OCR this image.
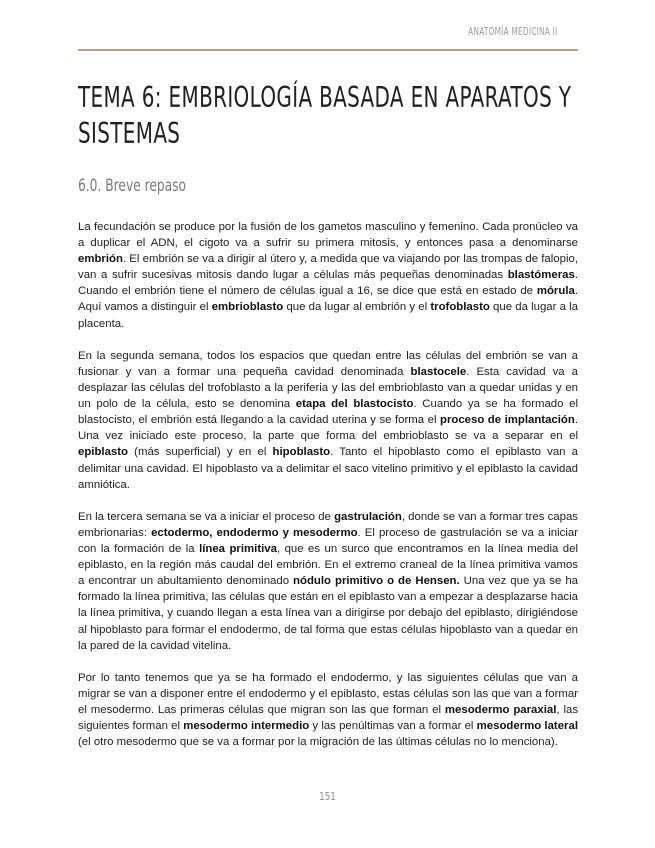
ANATOMÍA MEDICINA II
TEMA 6: EMBRIOLOGÍA BASADA EN APARATOS Y
SISTEMAS
6.0. Breve repaso

La fecundación se produce por la fusión de los gametos masculino y femenino. Cada pronúcleo va a duplicar el ADN, el cigoto va a sufrir su primera mitosis, y entonces pasa a denominarse embrión. El embrión se va a dirigir al útero y, a medida que va viajando por las trompas de falopio, van a sufrir sucesivas mitosis dando lugar a células más pequeñas denominadas blastómeras. Cuando el embrión tiene el número de células igual a 16, se dice que está en estado de mórula. Aquí vamos a distinguir el embrioblasto que da lugar al embrión y el trofoblasto que da lugar a la placenta.

En la segunda semana, todos los espacios que quedan entre las células del embrión se van a fusionar y van a formar una pequeña cavidad denominada blastocele. Esta cavidad va a desplazar las células del trofoblasto a la periferia y las del embrioblasto van a quedar unidas y en un polo de la célula, esto se denomina etapa del blastocisto. Cuando ya se ha formado el blastocisto, el embrión está llegando a la cavidad uterina y se forma el proceso de implantación. Una vez iniciado este proceso, la parte que forma del embrioblasto se va a separar en el epiblasto (más superficial) y en el hipoblasto. Tanto el hipoblasto como el epiblasto van a delimitar una cavidad. El hipoblasto va a delimitar el saco vitelino primitivo y el epiblasto la cavidad amniótica.

En la tercera semana se va a iniciar el proceso de gastrulación, donde se van a formar tres capas embrionarias: ectodermo, endodermo y mesodermo. El proceso de gastrulación se va a iniciar con la formación de la línea primitiva, que es un surco que encontramos en la línea media del epiblasto, en la región más caudal del embrión. En el extremo craneal de la línea primitiva vamos a encontrar un abultamiento denominado nódulo primitivo o de Hensen. Una vez que ya se ha formado la línea primitiva, las células que están en el epiblasto van a empezar a desplazarse hacia la línea primitiva, y cuando llegan a esta línea van a dirigirse por debajo del epiblasto, dirigiéndose al hipoblasto para formar el endodermo, de tal forma que estas células hipoblasto van a quedar en la pared de la cavidad vitelina.

Por lo tanto tenemos que ya se ha formado el endodermo, y las siguientes células que van a migrar se van a disponer entre el endodermo y el epiblasto, estas células son las que van a formar el mesodermo. Las primeras células que migran son las que forman el mesodermo paraxial, las siguientes forman el mesodermo intermedio y las penúltimas van a formar el mesodermo lateral (el otro mesodermo que se va a formar por la migración de las últimas células no lo menciona).

151
